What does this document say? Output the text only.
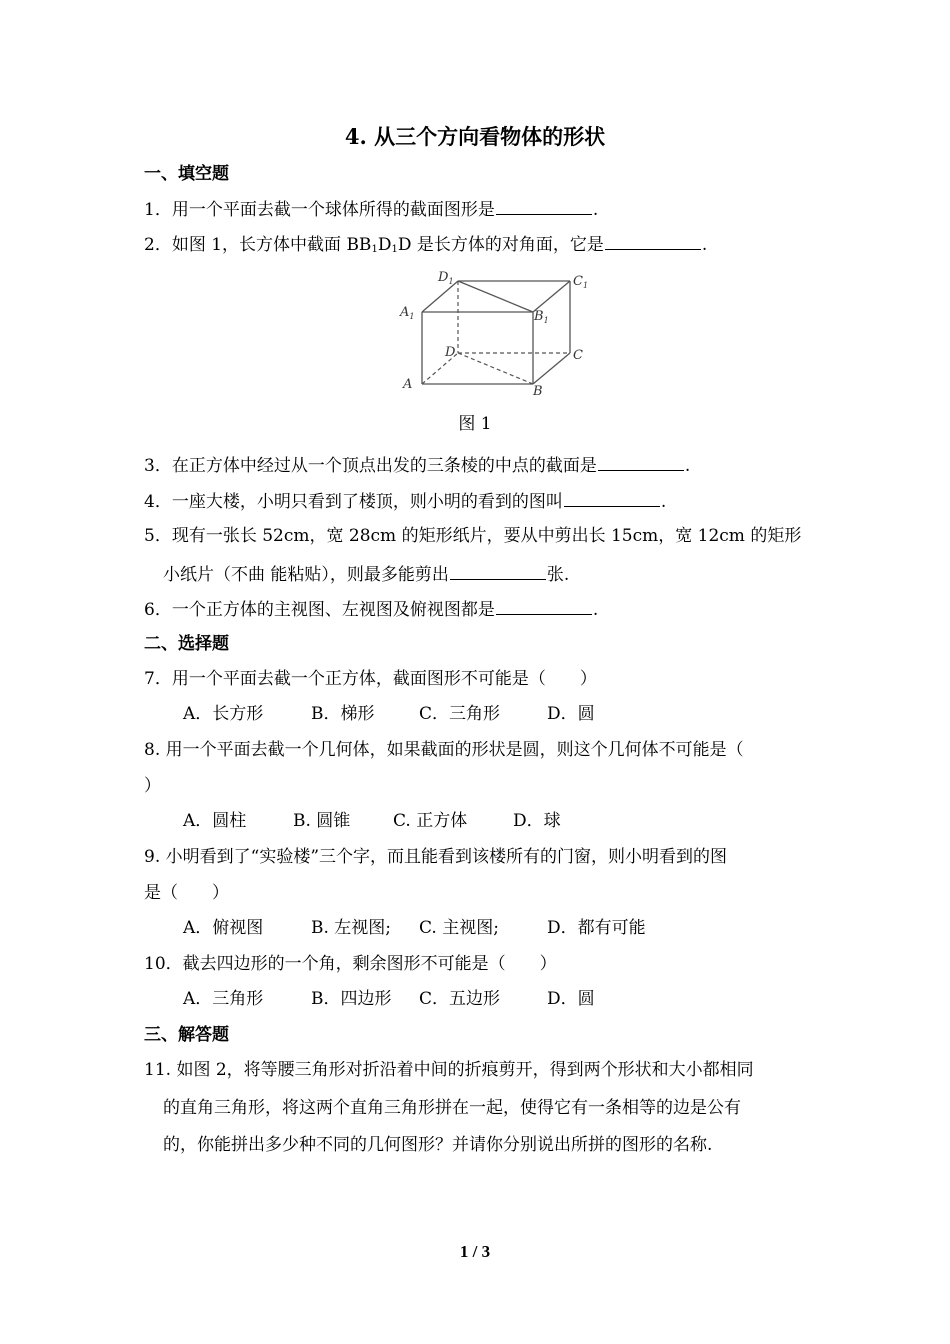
4. 从三个方向看物体的形状
一、填空题
1．用一个平面去截一个球体所得的截面图形是	.
2．如图 1，长方体中截面 $BB_1D_1D$ 是长方体的对角面，它是	.
$D_1$	$C_1$
$A_1$	$B_1$
D	C
A	B
图 1
3．在正方体中经过从一个顶点出发的三条棱的中点的截面是	.
4．一座大楼，小明只看到了楼顶，则小明的看到的图叫	.
5．现有一张长 52cm，宽 28cm 的矩形纸片，要从中剪出长 15cm，宽 12cm 的矩形
小纸片（不曲 能粘贴），则最多能剪出	张.
6．一个正方体的主视图、左视图及俯视图都是	.
二、选择题
7．用一个平面去截一个正方体，截面图形不可能是（　　）
A．长方形	B．梯形	C．三角形	D．圆
8. 用一个平面去截一个几何体，如果截面的形状是圆，则这个几何体不可能是（
）
A．圆柱	B. 圆锥	C. 正方体	D．球
9. 小明看到了“实验楼”三个字，而且能看到该楼所有的门窗，则小明看到的图
是（　　）
A．俯视图	B. 左视图; C. 主视图;	D．都有可能
10．截去四边形的一个角，剩余图形不可能是（　　）
A．三角形	B．四边形 C．五边形	D．圆
三、解答题
11. 如图 2，将等腰三角形对折沿着中间的折痕剪开，得到两个形状和大小都相同
的直角三角形，将这两个直角三角形拼在一起，使得它有一条相等的边是公有
的，你能拼出多少种不同的几何图形？并请你分别说出所拼的图形的名称.
1 / 3
